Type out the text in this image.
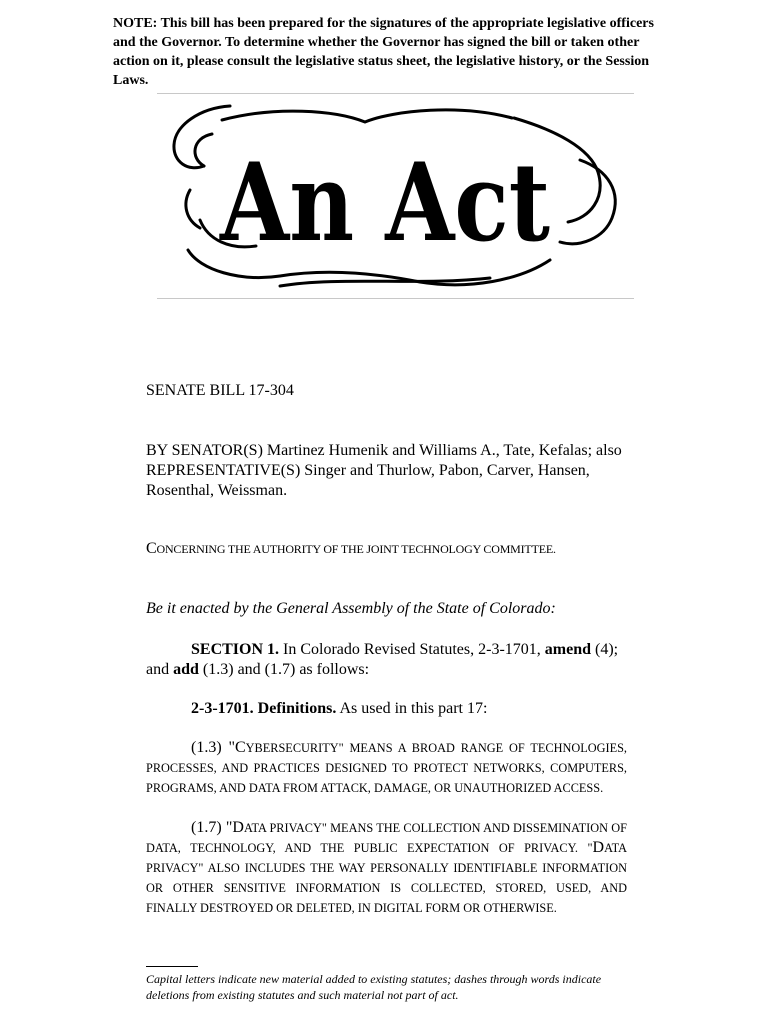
NOTE: This bill has been prepared for the signatures of the appropriate legislative officers and the Governor. To determine whether the Governor has signed the bill or taken other action on it, please consult the legislative status sheet, the legislative history, or the Session Laws.
An Act
SENATE BILL 17-304
BY SENATOR(S) Martinez Humenik and Williams A., Tate, Kefalas; also REPRESENTATIVE(S) Singer and Thurlow, Pabon, Carver, Hansen, Rosenthal, Weissman.
CONCERNING THE AUTHORITY OF THE JOINT TECHNOLOGY COMMITTEE.
Be it enacted by the General Assembly of the State of Colorado:
SECTION 1. In Colorado Revised Statutes, 2-3-1701, amend (4); and add (1.3) and (1.7) as follows:
2-3-1701. Definitions. As used in this part 17:
(1.3) "CYBERSECURITY" MEANS A BROAD RANGE OF TECHNOLOGIES, PROCESSES, AND PRACTICES DESIGNED TO PROTECT NETWORKS, COMPUTERS, PROGRAMS, AND DATA FROM ATTACK, DAMAGE, OR UNAUTHORIZED ACCESS.
(1.7) "DATA PRIVACY" MEANS THE COLLECTION AND DISSEMINATION OF DATA, TECHNOLOGY, AND THE PUBLIC EXPECTATION OF PRIVACY. "DATA PRIVACY" ALSO INCLUDES THE WAY PERSONALLY IDENTIFIABLE INFORMATION OR OTHER SENSITIVE INFORMATION IS COLLECTED, STORED, USED, AND FINALLY DESTROYED OR DELETED, IN DIGITAL FORM OR OTHERWISE.
Capital letters indicate new material added to existing statutes; dashes through words indicate deletions from existing statutes and such material not part of act.
